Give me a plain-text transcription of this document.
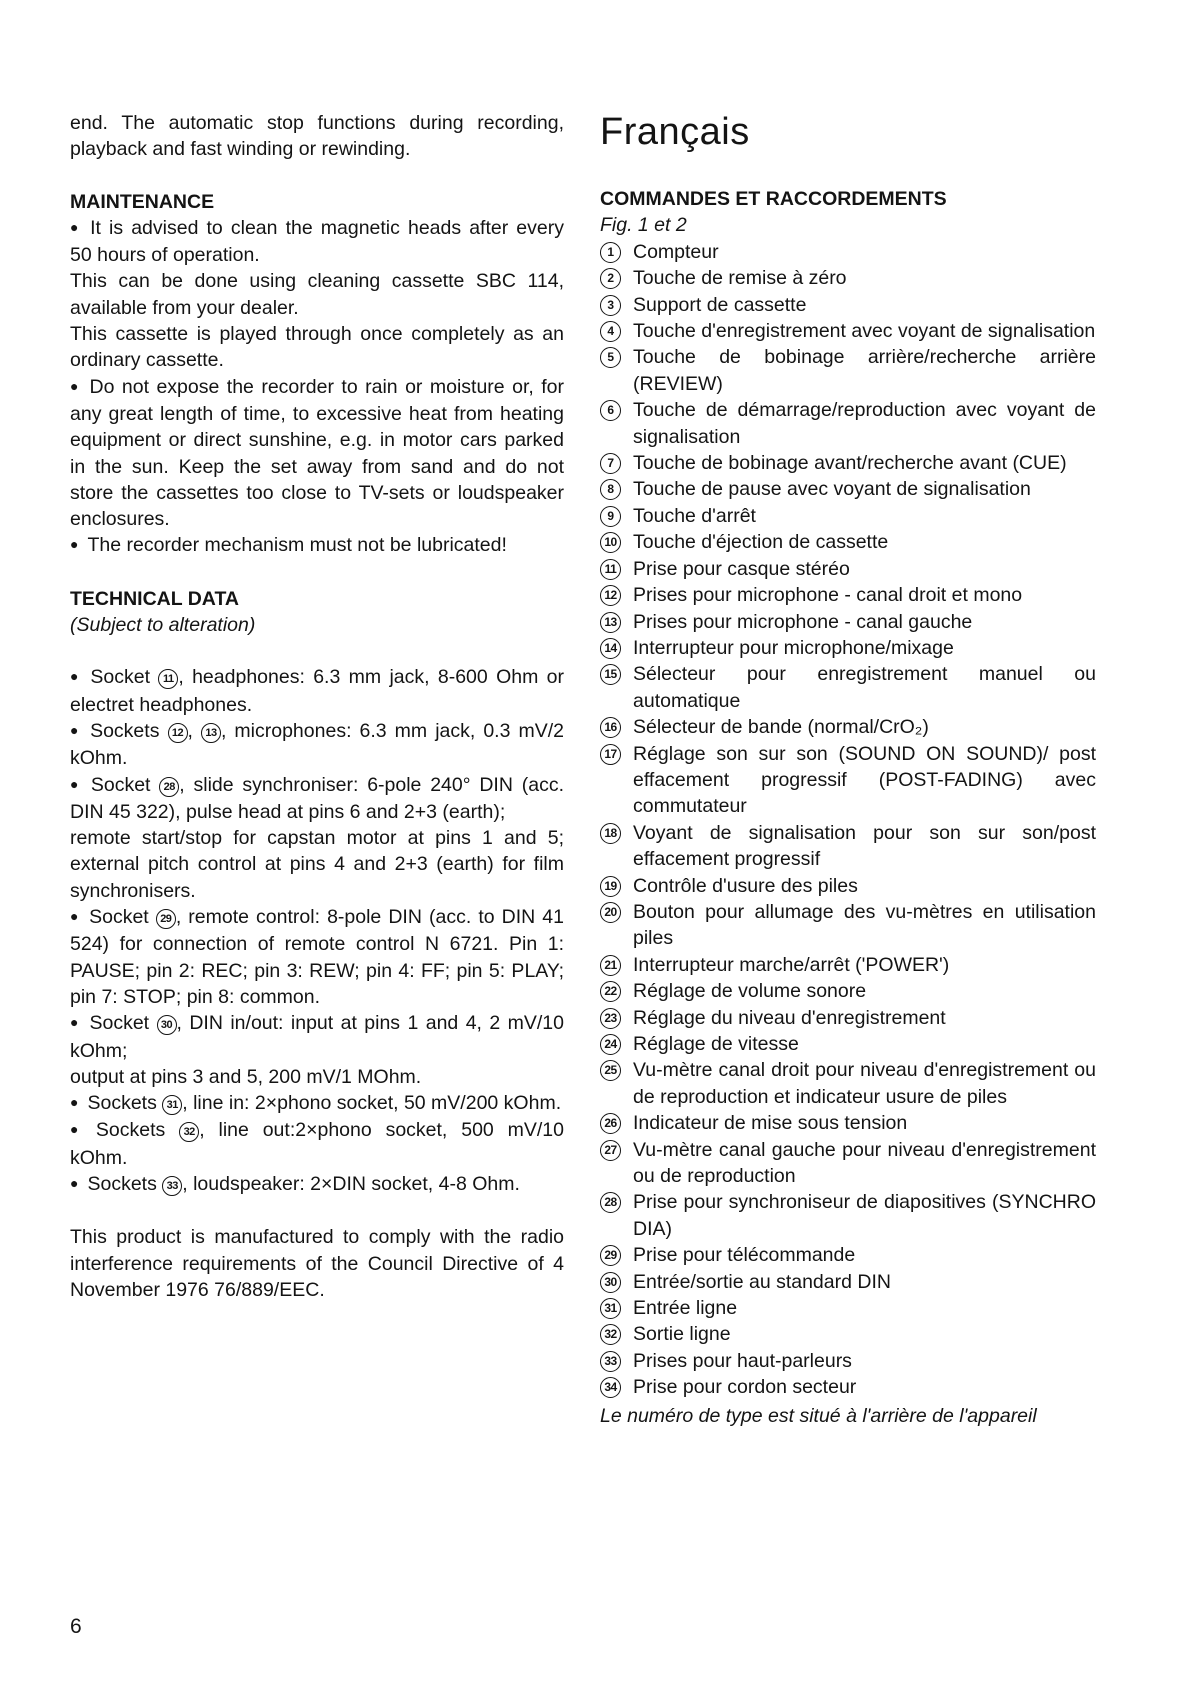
end. The automatic stop functions during recording, playback and fast winding or rewinding.

MAINTENANCE

● It is advised to clean the magnetic heads after every 50 hours of operation.

This can be done using cleaning cassette SBC 114, available from your dealer.

This cassette is played through once completely as an ordinary cassette.

● Do not expose the recorder to rain or moisture or, for any great length of time, to excessive heat from heating equipment or direct sunshine, e.g. in motor cars parked in the sun. Keep the set away from sand and do not store the cassettes too close to TV-sets or loudspeaker enclosures.

● The recorder mechanism must not be lubricated!

TECHNICAL DATA

(Subject to alteration)

● Socket 11 , headphones: 6.3 mm jack, 8-600 Ohm or electret headphones.

● Sockets 12 , 13 , microphones: 6.3 mm jack, 0.3 mV/2 kOhm.

● Socket 28 , slide synchroniser: 6-pole 240° DIN (acc. DIN 45 322), pulse head at pins 6 and 2+3 (earth);

remote start/stop for capstan motor at pins 1 and 5; external pitch control at pins 4 and 2+3 (earth) for film synchronisers.

● Socket 29 , remote control: 8-pole DIN (acc. to DIN 41 524) for connection of remote control N 6721. Pin 1: PAUSE; pin 2: REC; pin 3: REW; pin 4: FF; pin 5: PLAY; pin 7: STOP; pin 8: common.

● Socket 30 , DIN in/out: input at pins 1 and 4, 2 mV/10 kOhm;

output at pins 3 and 5, 200 mV/1 MOhm.

● Sockets 31 , line in: 2×phono socket, 50 mV/200 kOhm.

● Sockets 32 , line out:2×phono socket, 500 mV/10 kOhm.

● Sockets 33 , loudspeaker: 2×DIN socket, 4-8 Ohm.

This product is manufactured to comply with the radio interference requirements of the Council Directive of 4 November 1976 76/889/EEC.

Français

COMMANDES ET RACCORDEMENTS

Fig. 1 et 2

1 Compteur
2 Touche de remise à zéro
3 Support de cassette
4 Touche d'enregistrement avec voyant de signalisation
5 Touche de bobinage arrière/recherche arrière (REVIEW)
6 Touche de démarrage/reproduction avec voyant de signalisation
7 Touche de bobinage avant/recherche avant (CUE)
8 Touche de pause avec voyant de signalisation
9 Touche d'arrêt
10 Touche d'éjection de cassette
11 Prise pour casque stéréo
12 Prises pour microphone - canal droit et mono
13 Prises pour microphone - canal gauche
14 Interrupteur pour microphone/mixage
15 Sélecteur pour enregistrement manuel ou automatique
16 Sélecteur de bande (normal/CrO₂)
17 Réglage son sur son (SOUND ON SOUND)/ post effacement progressif (POST-FADING) avec commutateur
18 Voyant de signalisation pour son sur son/post effacement progressif
19 Contrôle d'usure des piles
20 Bouton pour allumage des vu-mètres en utilisation piles
21 Interrupteur marche/arrêt ('POWER')
22 Réglage de volume sonore
23 Réglage du niveau d'enregistrement
24 Réglage de vitesse
25 Vu-mètre canal droit pour niveau d'enregistrement ou de reproduction et indicateur usure de piles
26 Indicateur de mise sous tension
27 Vu-mètre canal gauche pour niveau d'enregistrement ou de reproduction
28 Prise pour synchroniseur de diapositives (SYNCHRO DIA)
29 Prise pour télécommande
30 Entrée/sortie au standard DIN
31 Entrée ligne
32 Sortie ligne
33 Prises pour haut-parleurs
34 Prise pour cordon secteur

Le numéro de type est situé à l'arrière de l'appareil

6
